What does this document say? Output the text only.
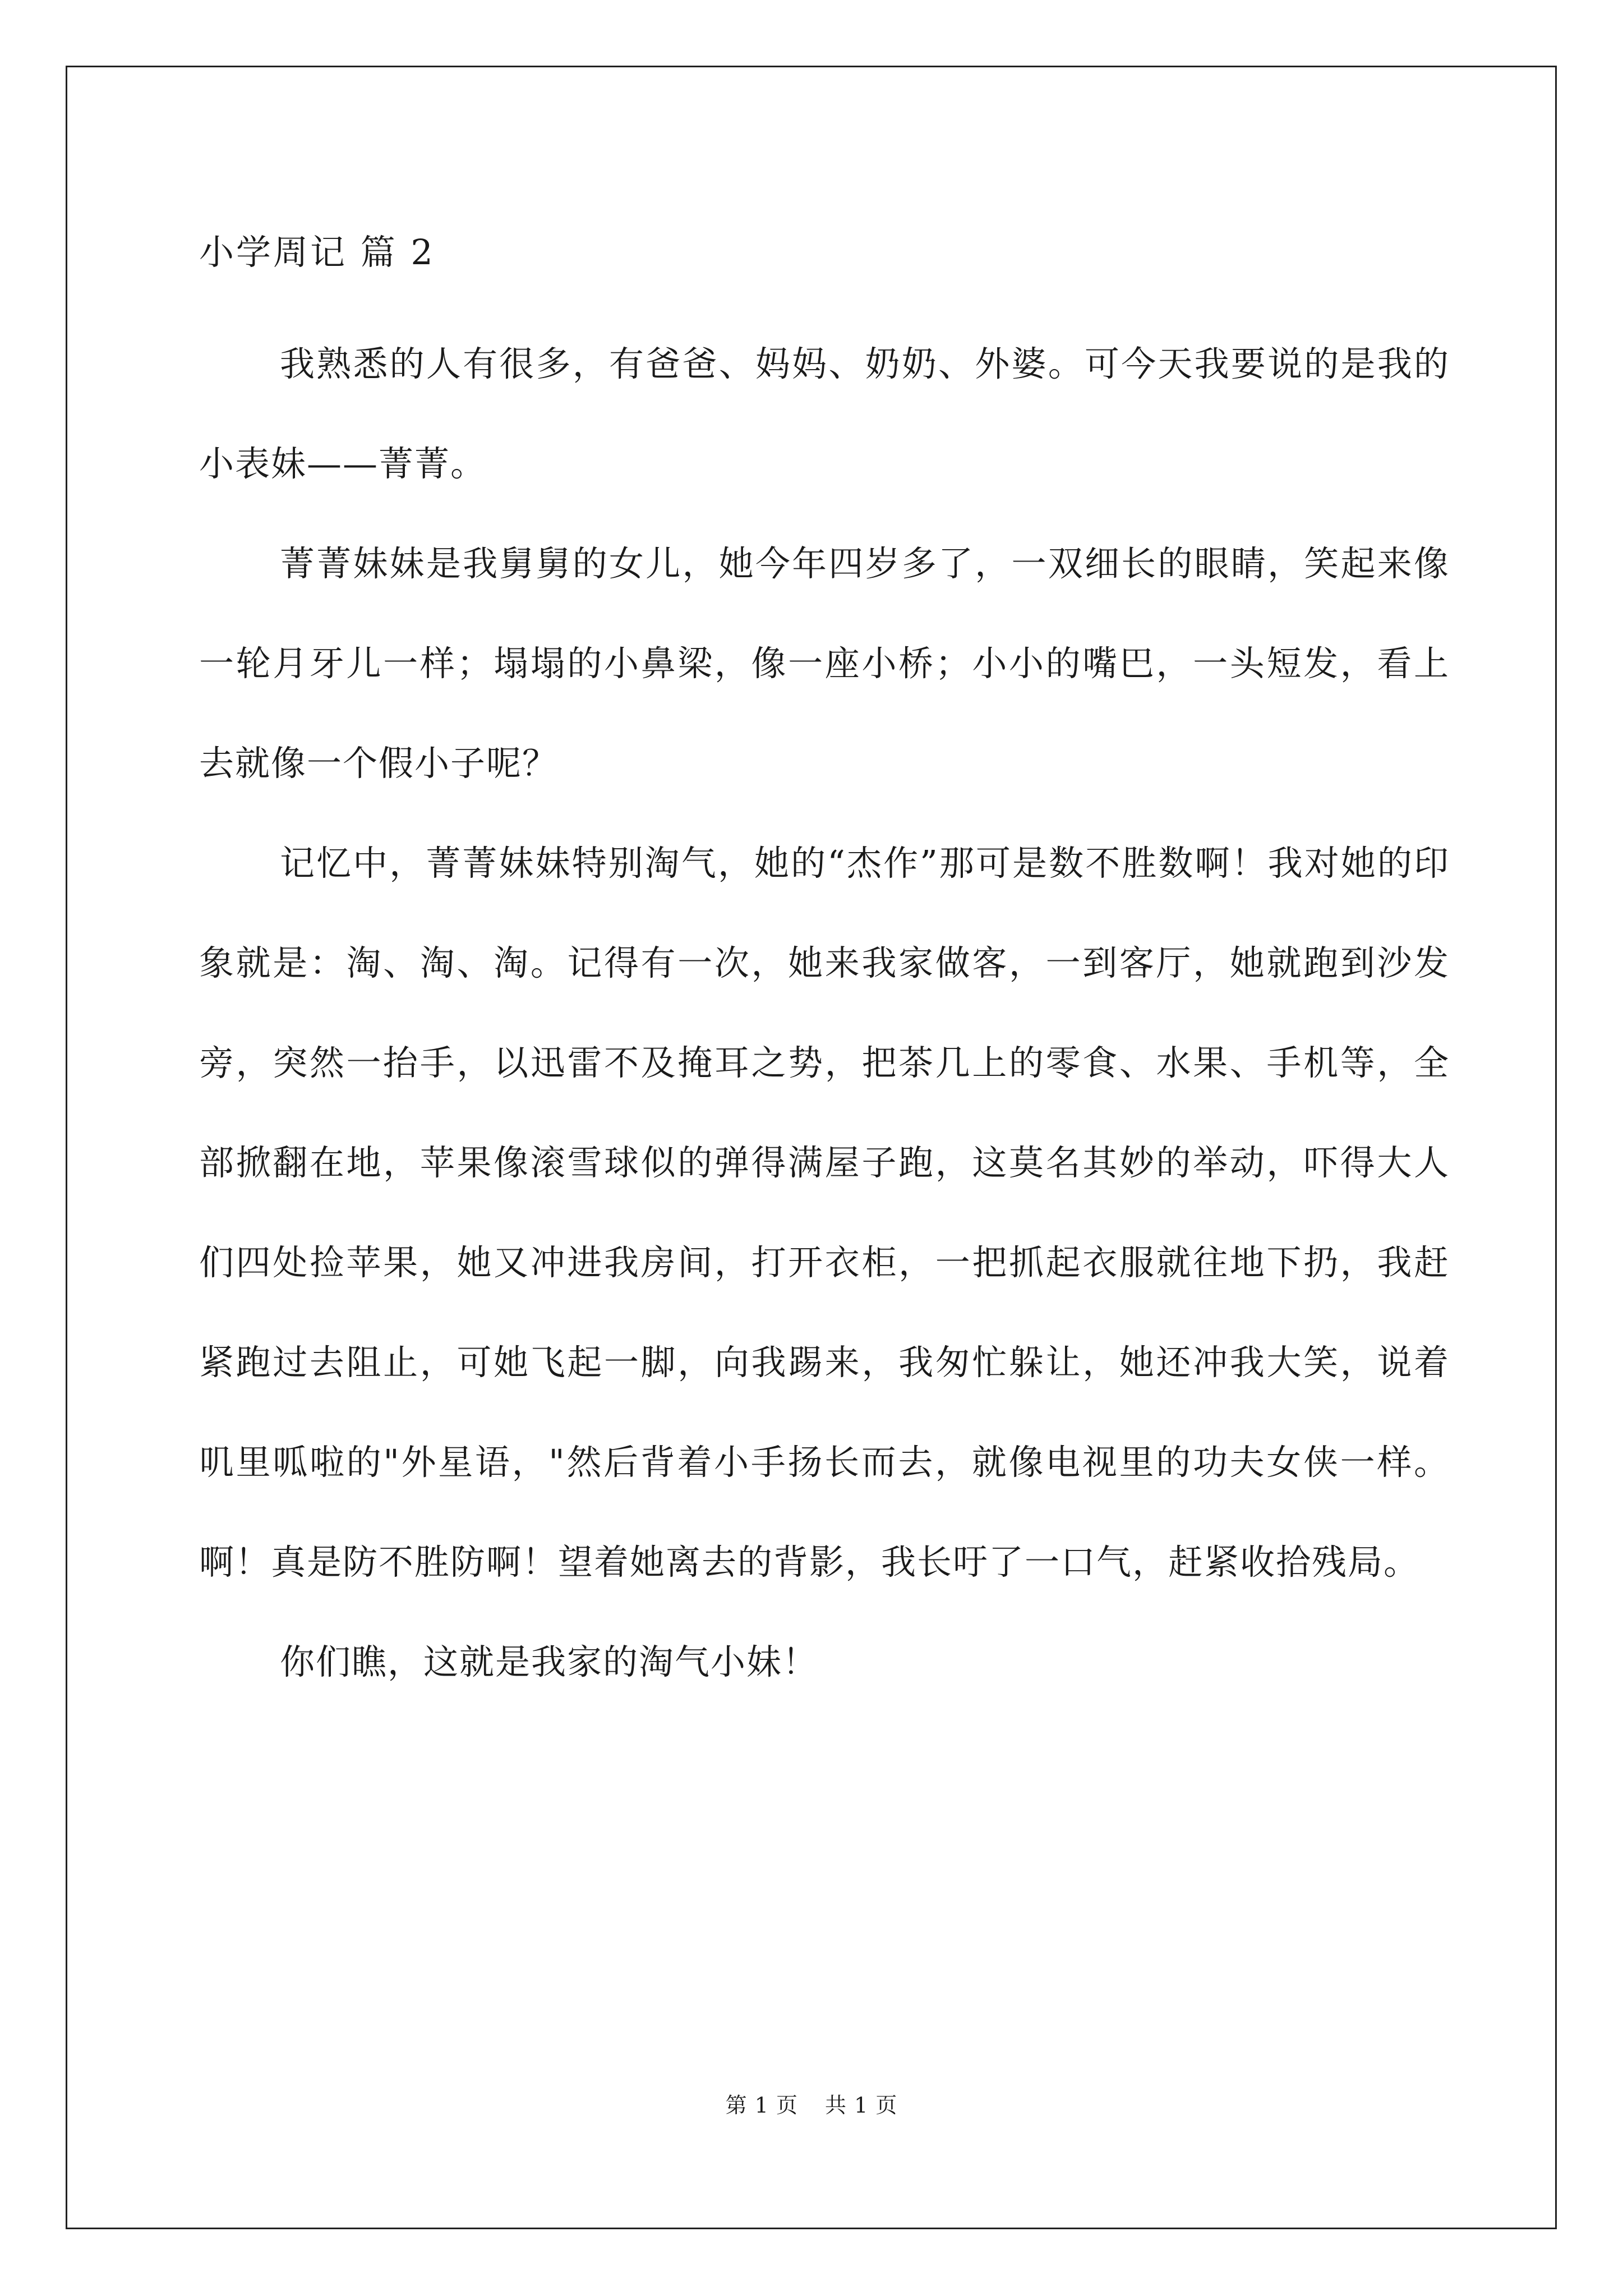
小学周记 篇 2

我熟悉的人有很多，有爸爸、妈妈、奶奶、外婆。可今天我要说的是我的小表妹——菁菁。

菁菁妹妹是我舅舅的女儿，她今年四岁多了，一双细长的眼睛，笑起来像一轮月牙儿一样；塌塌的小鼻梁，像一座小桥；小小的嘴巴，一头短发，看上去就像一个假小子呢？

记忆中，菁菁妹妹特别淘气，她的“杰作”那可是数不胜数啊！我对她的印象就是：淘、淘、淘。记得有一次，她来我家做客，一到客厅，她就跑到沙发旁，突然一抬手，以迅雷不及掩耳之势，把茶几上的零食、水果、手机等，全部掀翻在地，苹果像滚雪球似的弹得满屋子跑，这莫名其妙的举动，吓得大人们四处捡苹果，她又冲进我房间，打开衣柜，一把抓起衣服就往地下扔，我赶紧跑过去阻止，可她飞起一脚，向我踢来，我匆忙躲让，她还冲我大笑，说着叽里呱啦的"外星语，"然后背着小手扬长而去，就像电视里的功夫女侠一样。啊！真是防不胜防啊！望着她离去的背影，我长吁了一口气，赶紧收拾残局。

你们瞧，这就是我家的淘气小妹！

第 1 页 共 1 页
